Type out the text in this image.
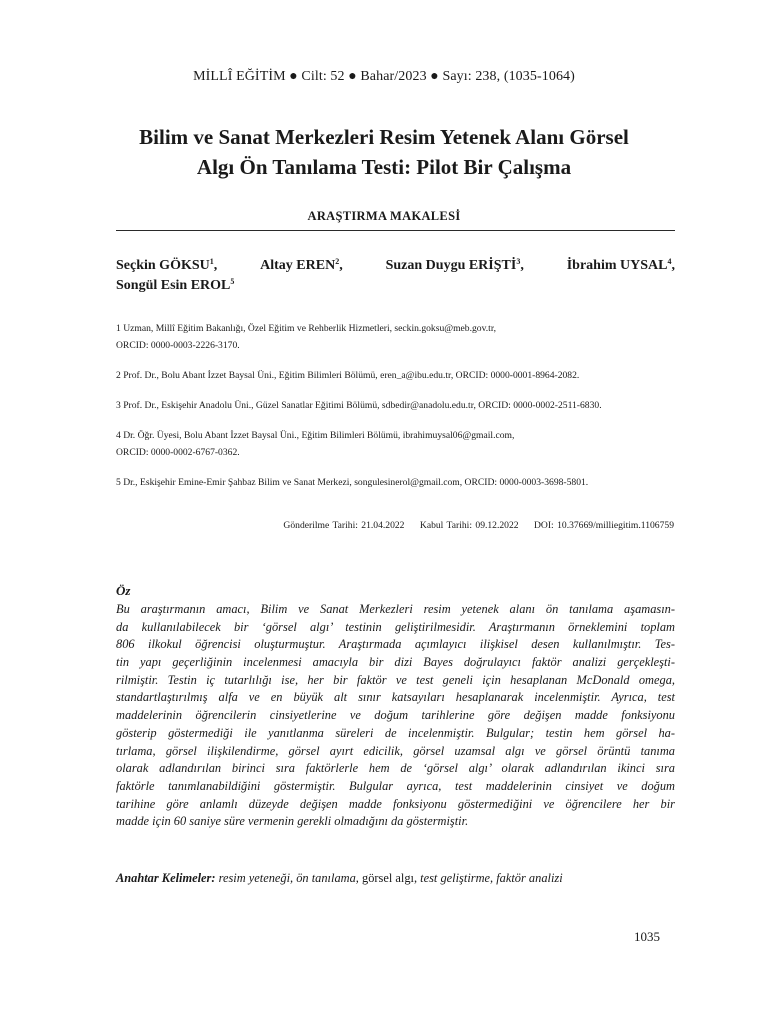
MİLLÎ EĞİTİM ● Cilt: 52 ● Bahar/2023 ● Sayı: 238, (1035-1064)
Bilim ve Sanat Merkezleri Resim Yetenek Alanı Görsel
Algı Ön Tanılama Testi: Pilot Bir Çalışma
ARAŞTIRMA MAKALESİ
Seçkin GÖKSU$^1$,	Altay EREN$^2$,	Suzan Duygu ERİŞTİ$^3$,	İbrahim UYSAL$^4$,
Songül Esin EROL$^5$
1 Uzman, Millî Eğitim Bakanlığı, Özel Eğitim ve Rehberlik Hizmetleri, seckin.goksu@meb.gov.tr,
ORCID: 0000-0003-2226-3170.
2 Prof. Dr., Bolu Abant İzzet Baysal Üni., Eğitim Bilimleri Bölümü, eren_a@ibu.edu.tr, ORCID: 0000-0001-8964-2082.
3 Prof. Dr., Eskişehir Anadolu Üni., Güzel Sanatlar Eğitimi Bölümü, sdbedir@anadolu.edu.tr, ORCID: 0000-0002-2511-6830.
4 Dr. Öğr. Üyesi, Bolu Abant İzzet Baysal Üni., Eğitim Bilimleri Bölümü, ibrahimuysal06@gmail.com,
ORCID: 0000-0002-6767-0362.
5 Dr., Eskişehir Emine-Emir Şahbaz Bilim ve Sanat Merkezi, songulesinerol@gmail.com, ORCID: 0000-0003-3698-5801.
Gönderilme Tarihi: 21.04.2022 Kabul Tarihi: 09.12.2022 DOI: 10.37669/milliegitim.1106759
Öz
Bu araştırmanın amacı, Bilim ve Sanat Merkezleri resim yetenek alanı ön tanılama aşamasın-
da kullanılabilecek bir ‘görsel algı’ testinin geliştirilmesidir. Araştırmanın örneklemini toplam
806 ilkokul öğrencisi oluşturmuştur. Araştırmada açımlayıcı ilişkisel desen kullanılmıştır. Tes-
tin yapı geçerliğinin incelenmesi amacıyla bir dizi Bayes doğrulayıcı faktör analizi gerçekleşti-
rilmiştir. Testin iç tutarlılığı ise, her bir faktör ve test geneli için hesaplanan McDonald omega,
standartlaştırılmış alfa ve en büyük alt sınır katsayıları hesaplanarak incelenmiştir. Ayrıca, test
maddelerinin öğrencilerin cinsiyetlerine ve doğum tarihlerine göre değişen madde fonksiyonu
gösterip göstermediği ile yanıtlanma süreleri de incelenmiştir. Bulgular; testin hem görsel ha-
tırlama, görsel ilişkilendirme, görsel ayırt edicilik, görsel uzamsal algı ve görsel örüntü tanıma
olarak adlandırılan birinci sıra faktörlerle hem de ‘görsel algı’ olarak adlandırılan ikinci sıra
faktörle tanımlanabildiğini göstermiştir. Bulgular ayrıca, test maddelerinin cinsiyet ve doğum
tarihine göre anlamlı düzeyde değişen madde fonksiyonu göstermediğini ve öğrencilere her bir
madde için 60 saniye süre vermenin gerekli olmadığını da göstermiştir.
Anahtar Kelimeler: resim yeteneği, ön tanılama, görsel algı, test geliştirme, faktör analizi
1035
